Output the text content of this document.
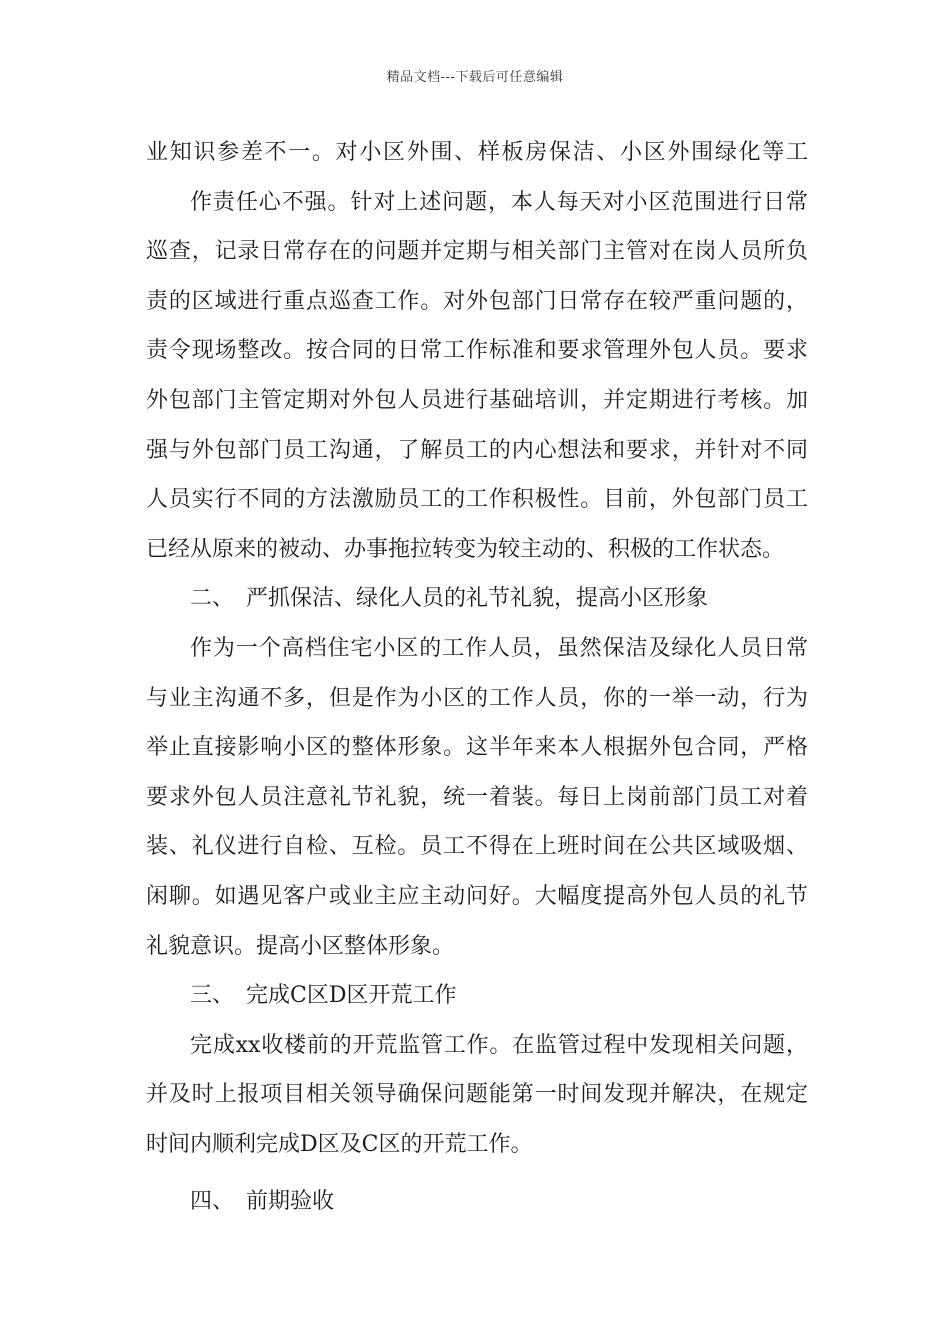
精品文档---下载后可任意编辑
业知识参差不一。对小区外围、样板房保洁、小区外围绿化等工
作责任心不强。针对上述问题，本人每天对小区范围进行日常
巡查，记录日常存在的问题并定期与相关部门主管对在岗人员所负
责的区域进行重点巡查工作。对外包部门日常存在较严重问题的，
责令现场整改。按合同的日常工作标准和要求管理外包人员。要求
外包部门主管定期对外包人员进行基础培训，并定期进行考核。加
强与外包部门员工沟通，了解员工的内心想法和要求，并针对不同
人员实行不同的方法激励员工的工作积极性。目前，外包部门员工
已经从原来的被动、办事拖拉转变为较主动的、积极的工作状态。
二、 严抓保洁、绿化人员的礼节礼貌，提高小区形象
作为一个高档住宅小区的工作人员，虽然保洁及绿化人员日常
与业主沟通不多，但是作为小区的工作人员，你的一举一动，行为
举止直接影响小区的整体形象。这半年来本人根据外包合同，严格
要求外包人员注意礼节礼貌，统一着装。每日上岗前部门员工对着
装、礼仪进行自检、互检。员工不得在上班时间在公共区域吸烟、
闲聊。如遇见客户或业主应主动问好。大幅度提高外包人员的礼节
礼貌意识。提高小区整体形象。
三、 完成C区D区开荒工作
完成xx收楼前的开荒监管工作。在监管过程中发现相关问题，
并及时上报项目相关领导确保问题能第一时间发现并解决，在规定
时间内顺利完成D区及C区的开荒工作。
四、 前期验收
